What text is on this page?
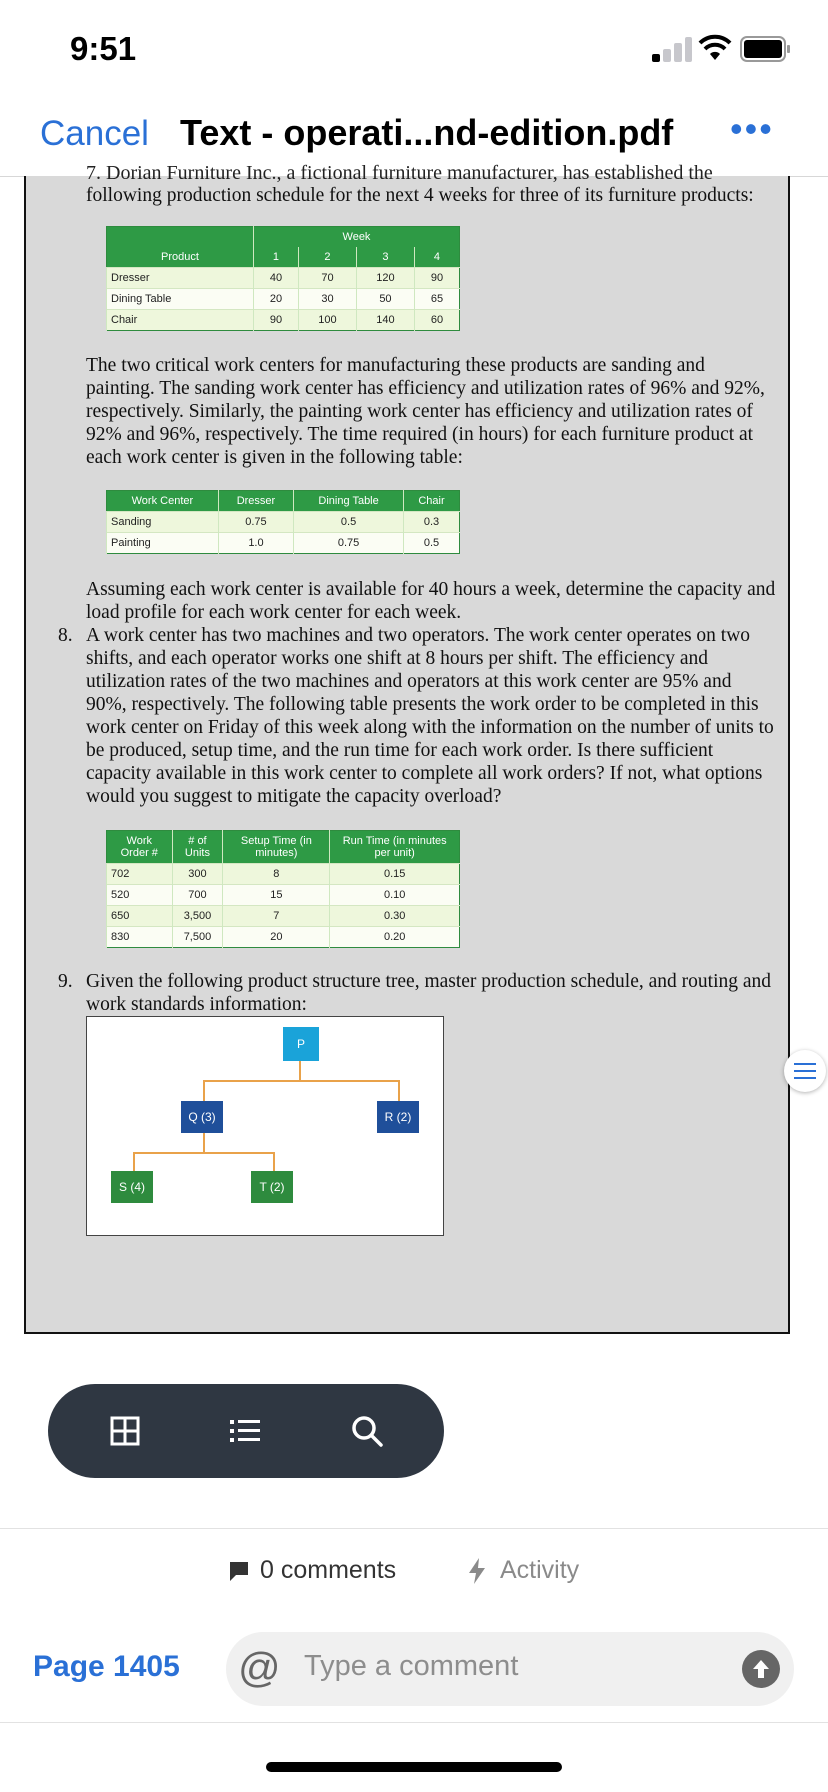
9:51
Cancel Text - operati...nd-edition.pdf •••
7. Dorian Furniture Inc., a fictional furniture manufacturer, has established the

following production schedule for the next 4 weeks for three of its furniture products:

	Week			
Product	1	2	3	4
Dresser	40	70	120	90
Dining Table	20	30	50	65
Chair	90	100	140	60

The two critical work centers for manufacturing these products are sanding and painting. The sanding work center has efficiency and utilization rates of 96% and 92%, respectively. Similarly, the painting work center has efficiency and utilization rates of 92% and 96%, respectively. The time required (in hours) for each furniture product at each work center is given in the following table:

Work Center	Dresser	Dining Table	Chair
Sanding	0.75	0.5	0.3
Painting	1.0	0.75	0.5

Assuming each work center is available for 40 hours a week, determine the capacity and load profile for each work center for each week.

8. A work center has two machines and two operators. The work center operates on two shifts, and each operator works one shift at 8 hours per shift. The efficiency and utilization rates of the two machines and operators at this work center are 95% and 90%, respectively. The following table presents the work order to be completed in this work center on Friday of this week along with the information on the number of units to be produced, setup time, and the run time for each work order. Is there sufficient capacity available in this work center to complete all work orders? If not, what options would you suggest to mitigate the capacity overload?

Work Order #	# of Units	Setup Time (in minutes)	Run Time (in minutes per unit)
702	300	8	0.15
520	700	15	0.10
650	3,500	7	0.30
830	7,500	20	0.20
9. Given the following product structure tree, master production schedule, and routing and work standards information:

P
Q (3)	R (2)
S (4)	T (2)
0 comments	Activity
Page 1405 @ Type a comment
